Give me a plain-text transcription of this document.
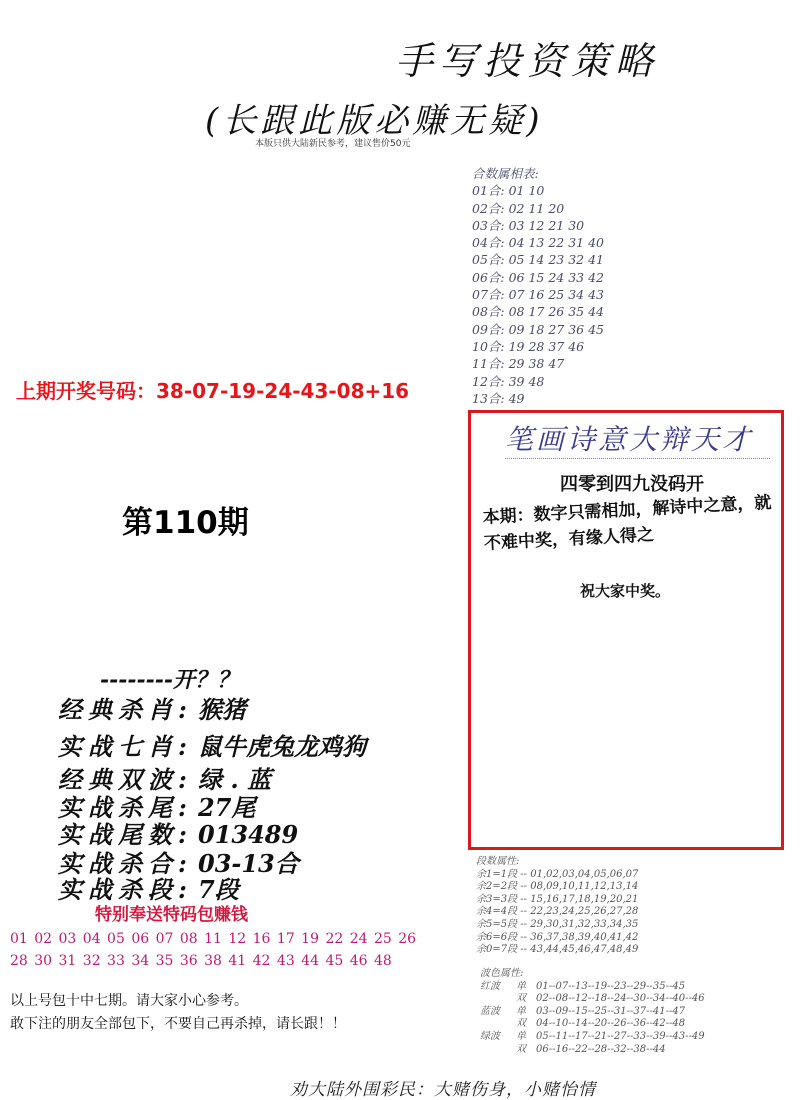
手写投资策略
(长跟此版必赚无疑)
本版只供大陆新民参考，建议售价50元
合数属相表:
01合: 01 10
02合: 02 11 20
03合: 03 12 21 30
04合: 04 13 22 31 40
05合: 05 14 23 32 41
06合: 06 15 24 33 42
07合: 07 16 25 34 43
08合: 08 17 26 35 44
09合: 09 18 27 36 45
10合: 19 28 37 46
11合: 29 38 47
12合: 39 48
13合: 49
上期开奖号码：38-07-19-24-43-08+16
第110期
笔画诗意大辩天才
四零到四九没码开
本期：数字只需相加，解诗中之意，就不难中奖，有缘人得之
祝大家中奖。
--------开？？
经典杀肖: 猴猪
实战七肖: 鼠牛虎兔龙鸡狗
经典双波: 绿 . 蓝
实战杀尾: 27尾
实战尾数: 013489
实战杀合: 03-13合
实战杀段: 7段
特别奉送特码包赚钱
01 02 03 04 05 06 07 08 11 12 16 17 19 22 24 25 26
28 30 31 32 33 34 35 36 38 41 42 43 44 45 46 48
以上号包十中七期。请大家小心参考。
敢下注的朋友全部包下，不要自己再杀掉，请长跟！！
段数属性:
余1=1段 -- 01,02,03,04,05,06,07
余2=2段 -- 08,09,10,11,12,13,14
余3=3段 -- 15,16,17,18,19,20,21
余4=4段 -- 22,23,24,25,26,27,28
余5=5段 -- 29,30,31,32,33,34,35
余6=6段 -- 36,37,38,39,40,41,42
余0=7段 -- 43,44,45,46,47,48,49
波色属性:
红波 单 01--07--13--19--23--29--35--45
双 02--08--12--18--24--30--34--40--46
蓝波 单 03--09--15--25--31--37--41--47
双 04--10--14--20--26--36--42--48
绿波 单 05--11--17--21--27--33--39--43--49
双 06--16--22--28--32--38--44
劝大陆外围彩民：大赌伤身，小赌怡情
